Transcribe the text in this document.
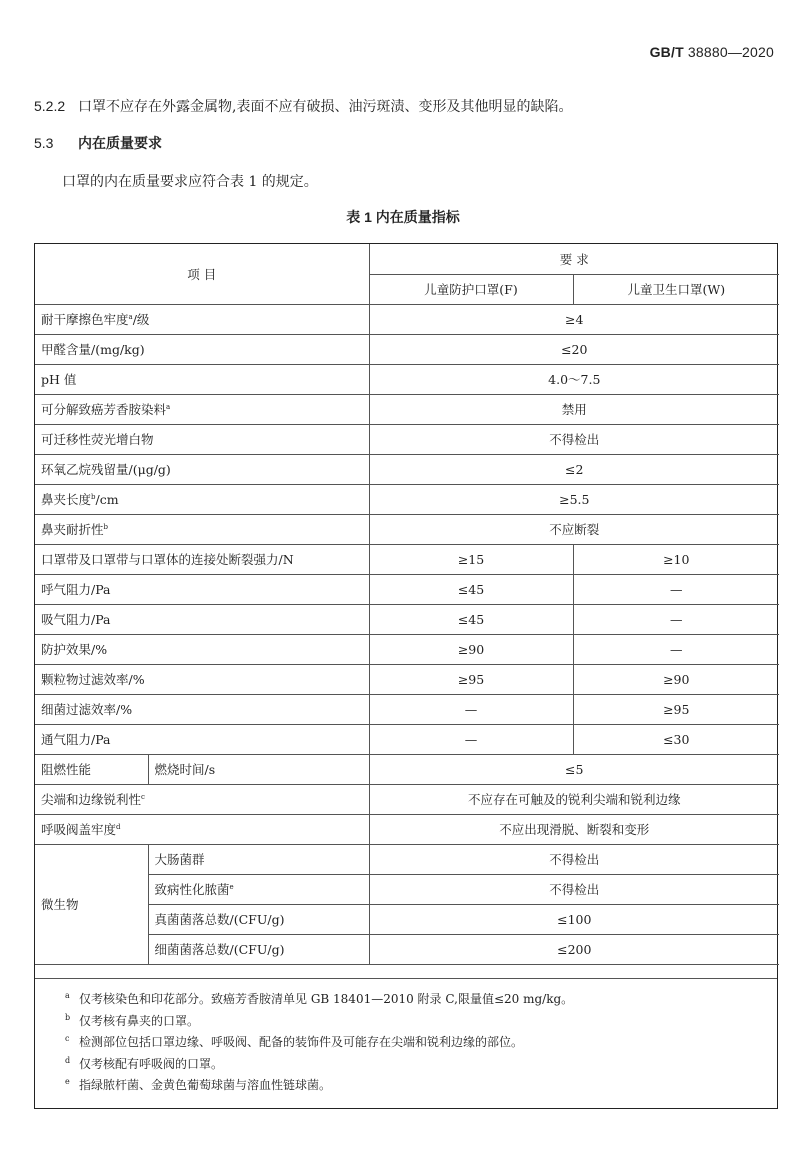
GB/T 38880—2020
5.2.2 口罩不应存在外露金属物,表面不应有破损、油污斑渍、变形及其他明显的缺陷。
5.3 内在质量要求
口罩的内在质量要求应符合表 1 的规定。
表 1 内在质量指标
项 目		要 求	
		儿童防护口罩(F)	儿童卫生口罩(W)
耐干摩擦色牢度$^a$/级		≥4	
甲醛含量/(mg/kg)		≤20	
pH 值		4.0～7.5	
可分解致癌芳香胺染料$^a$		禁用	
可迁移性荧光增白物		不得检出	
环氧乙烷残留量/(μg/g)		≤2	
鼻夹长度$^b$/cm		≥5.5	
鼻夹耐折性$^b$		不应断裂	
口罩带及口罩带与口罩体的连接处断裂强力/N		≥15	≥10
呼气阻力/Pa		≤45	—
吸气阻力/Pa		≤45	—
防护效果/%		≥90	—
颗粒物过滤效率/%		≥95	≥90
细菌过滤效率/%		—	≥95
通气阻力/Pa		—	≤30
阻燃性能	燃烧时间/s	≤5	
尖端和边缘锐利性$^c$		不应存在可触及的锐利尖端和锐利边缘	
呼吸阀盖牢度$^d$		不应出现滑脱、断裂和变形	
微生物	大肠菌群	不得检出	
	致病性化脓菌$^e$	不得检出	
	真菌菌落总数/(CFU/g)	≤100	
	细菌菌落总数/(CFU/g)	≤200	
a 仅考核染色和印花部分。致癌芳香胺清单见 GB 18401—2010 附录 C,限量值≤20 mg/kg。
b 仅考核有鼻夹的口罩。
c 检测部位包括口罩边缘、呼吸阀、配备的装饰件及可能存在尖端和锐利边缘的部位。
d 仅考核配有呼吸阀的口罩。
e 指绿脓杆菌、金黄色葡萄球菌与溶血性链球菌。
